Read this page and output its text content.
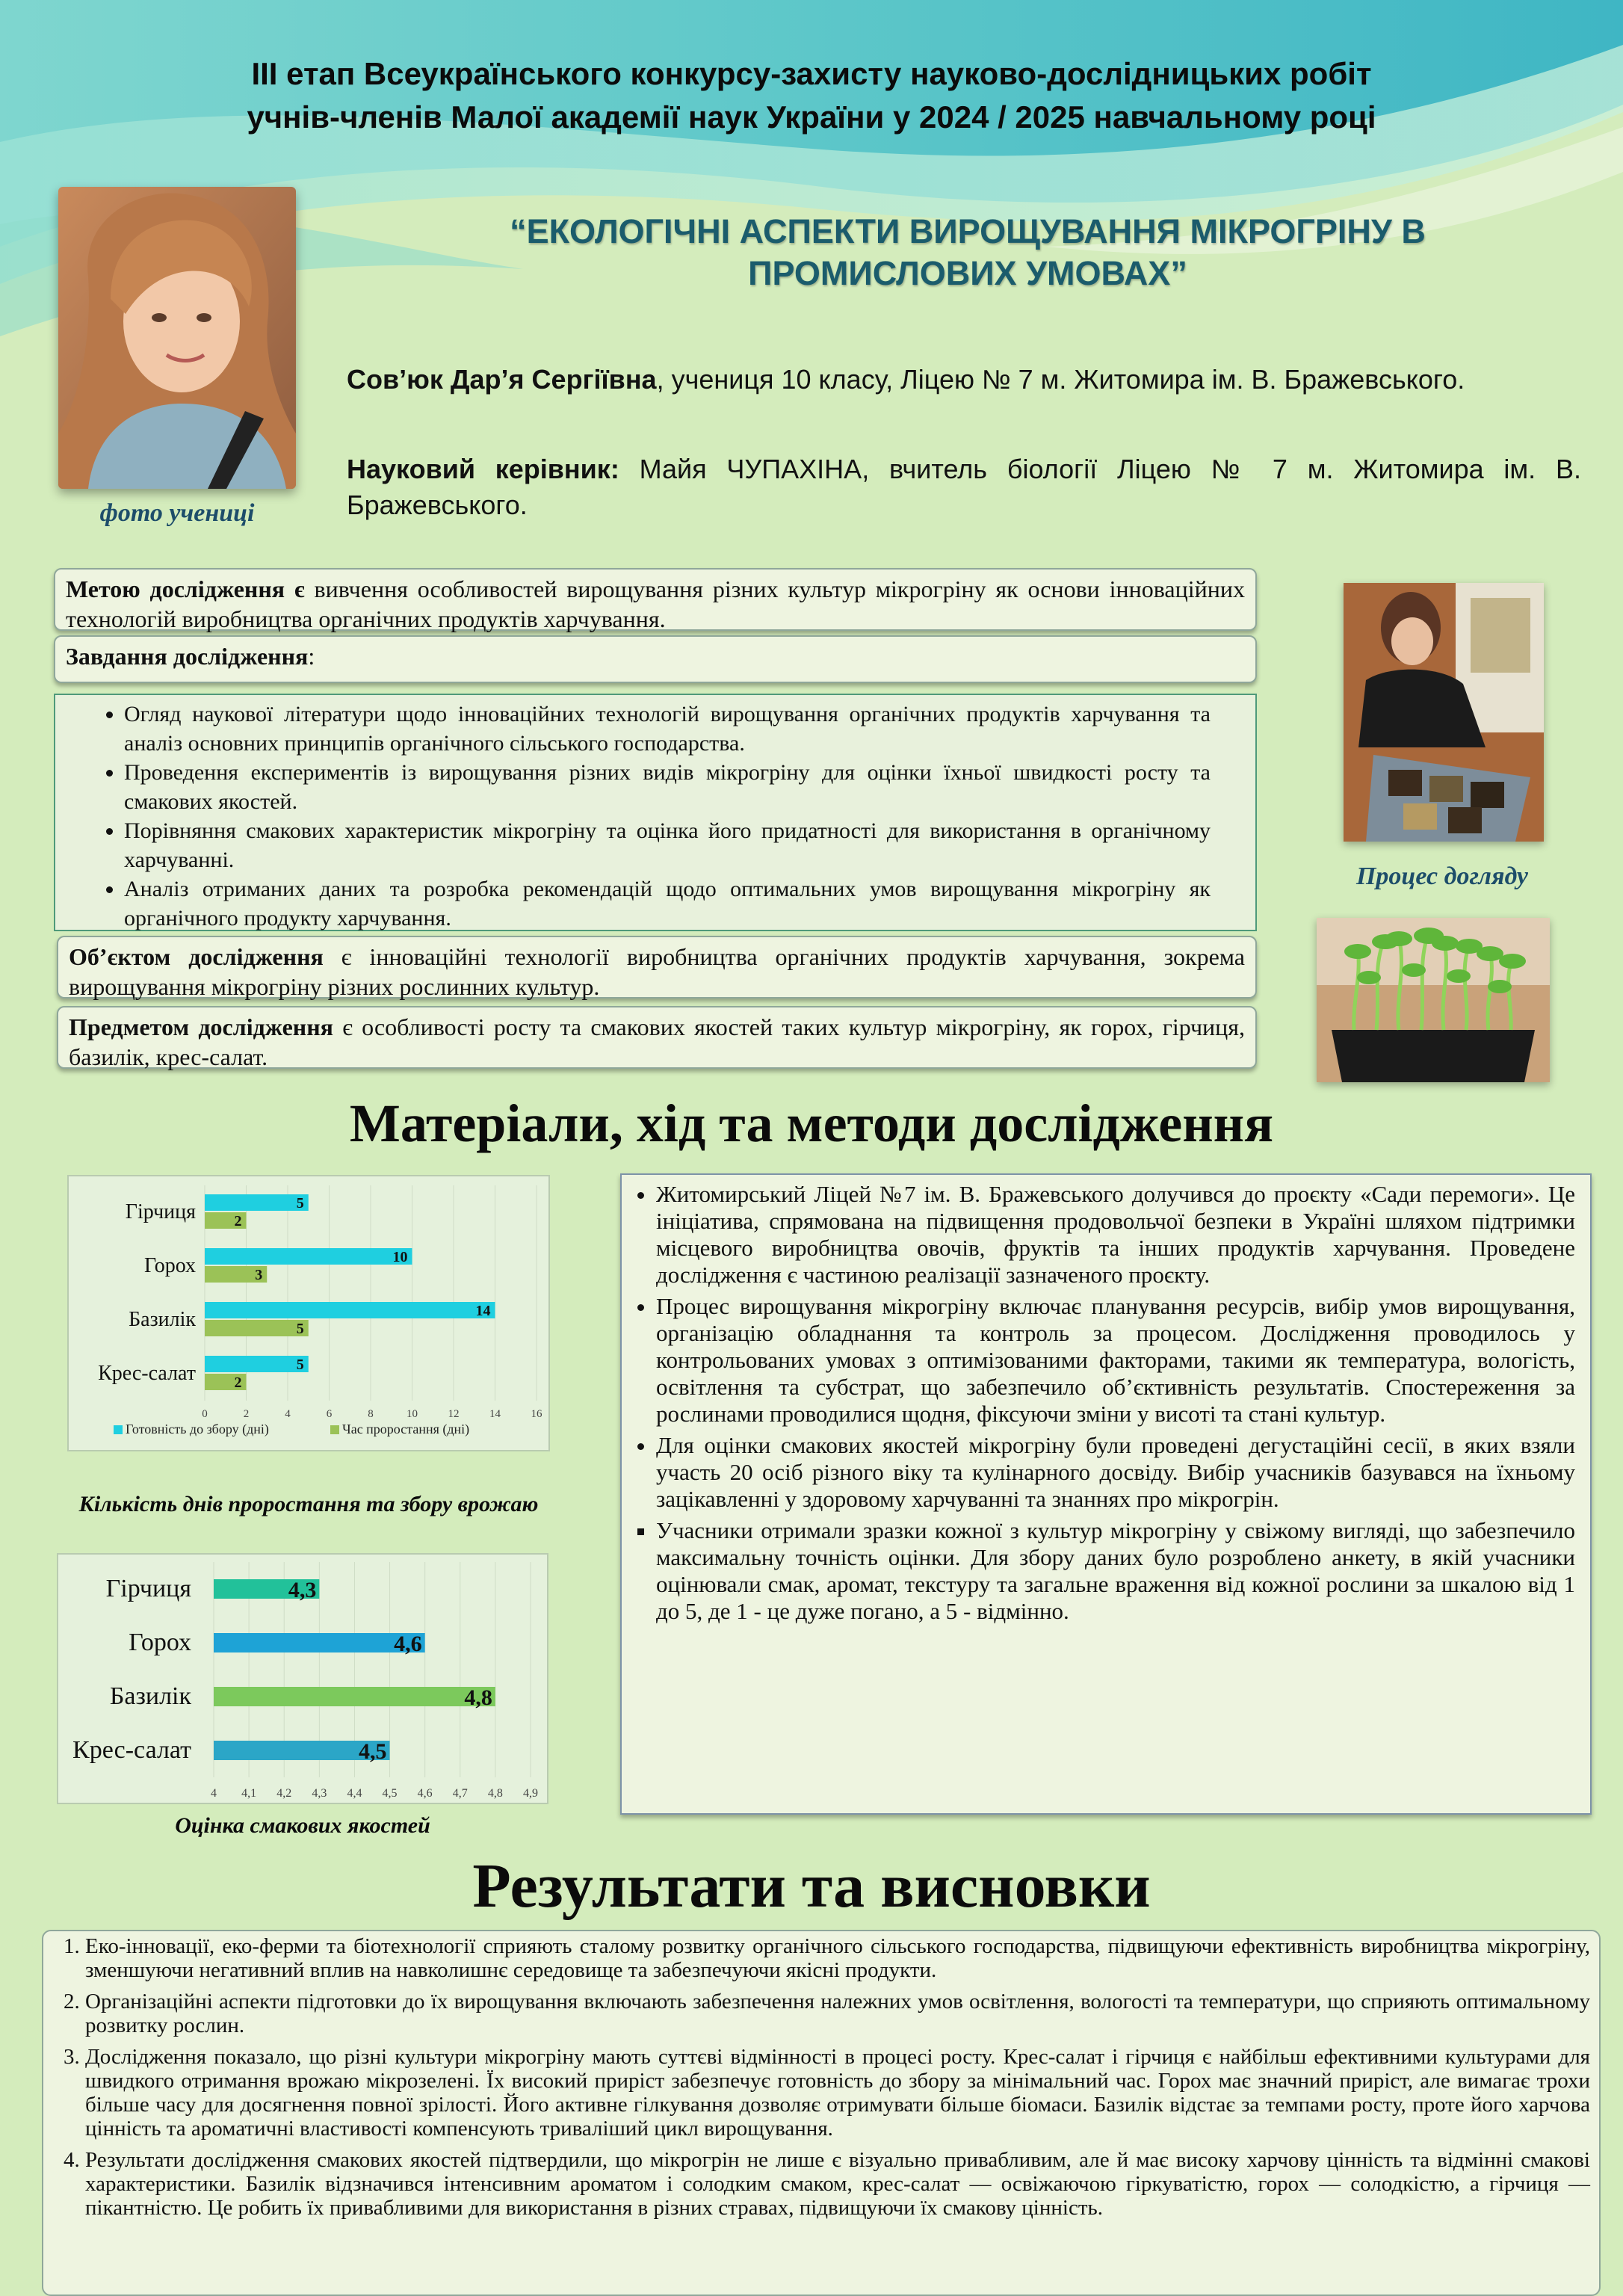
III етап Всеукраїнського конкурсу-захисту науково-дослідницьких робіт
учнів-членів Малої академії наук України у 2024 / 2025 навчальному році
фото учениці
“ЕКОЛОГІЧНІ АСПЕКТИ ВИРОЩУВАННЯ МІКРОГРІНУ В
ПРОМИСЛОВИХ УМОВАХ”

Сов’юк Дар’я Сергіївна, учениця 10 класу, Ліцею № 7 м. Житомира ім. В. Бражевського.

Науковий керівник: Майя ЧУПАХІНА, вчитель біології Ліцею № 7 м. Житомира ім. В. Бражевського.

Метою дослідження є вивчення особливостей вирощування різних культур мікрогріну як основи інноваційних технологій виробництва органічних продуктів харчування.
Завдання дослідження:
• Огляд наукової літератури щодо інноваційних технологій вирощування органічних продуктів харчування та аналіз основних принципів органічного сільського господарства.
• Проведення експериментів із вирощування різних видів мікрогріну для оцінки їхньої швидкості росту та смакових якостей.
• Порівняння смакових характеристик мікрогріну та оцінка його придатності для використання в органічному харчуванні.
• Аналіз отриманих даних та розробка рекомендацій щодо оптимальних умов вирощування мікрогріну як органічного продукту харчування.
Об’єктом дослідження є інноваційні технології виробництва органічних продуктів харчування, зокрема вирощування мікрогріну різних рослинних культур.
Предметом дослідження є особливості росту та смакових якостей таких культур мікрогріну, як горох, гірчиця, базилік, крес-салат.
Процес догляду
Матеріали, хід та методи дослідження
0	2	4	6	8	10	12	14	16
Гірчиця	5
2
Горох	10
3
Базилік	14
5
Крес-салат	5
2
Готовність до збору (дні)	Час проростання (дні)
Кількість днів проростання та збору врожаю
4 4,1 4,2 4,3 4,4 4,5 4,6 4,7 4,8 4,9
Гірчиця	4,3
Горох	4,6
Базилік	4,8
Крес-салат	4,5
Оцінка смакових якостей
• Житомирський Ліцей №7 ім. В. Бражевського долучився до проєкту «Сади перемоги». Це ініціатива, спрямована на підвищення продовольчої безпеки в Україні шляхом підтримки місцевого виробництва овочів, фруктів та інших продуктів харчування. Проведене дослідження є частиною реалізації зазначеного проєкту.
• Процес вирощування мікрогріну включає планування ресурсів, вибір умов вирощування, організацію обладнання та контроль за процесом. Дослідження проводилось у контрольованих умовах з оптимізованими факторами, такими як температура, вологість, освітлення та субстрат, що забезпечило об’єктивність результатів. Спостереження за рослинами проводилися щодня, фіксуючи зміни у висоті та стані культур.
• Для оцінки смакових якостей мікрогріну були проведені дегустаційні сесії, в яких взяли участь 20 осіб різного віку та кулінарного досвіду. Вибір учасників базувався на їхньому зацікавленні у здоровому харчуванні та знаннях про мікрогрін.
▪ Учасники отримали зразки кожної з культур мікрогріну у свіжому вигляді, що забезпечило максимальну точність оцінки. Для збору даних було розроблено анкету, в якій учасники оцінювали смак, аромат, текстуру та загальне враження від кожної рослини за шкалою від 1 до 5, де 1 - це дуже погано, а 5 - відмінно.
Результати та висновки
1. Еко-інновації, еко-ферми та біотехнології сприяють сталому розвитку органічного сільського господарства, підвищуючи ефективність виробництва мікрогріну, зменшуючи негативний вплив на навколишнє середовище та забезпечуючи якісні продукти.
2. Організаційні аспекти підготовки до їх вирощування включають забезпечення належних умов освітлення, вологості та температури, що сприяють оптимальному розвитку рослин.
3. Дослідження показало, що різні культури мікрогріну мають суттєві відмінності в процесі росту. Крес-салат і гірчиця є найбільш ефективними культурами для швидкого отримання врожаю мікрозелені. Їх високий приріст забезпечує готовність до збору за мінімальний час. Горох має значний приріст, але вимагає трохи більше часу для досягнення повної зрілості. Його активне гілкування дозволяє отримувати більше біомаси. Базилік відстає за темпами росту, проте його харчова цінність та ароматичні властивості компенсують триваліший цикл вирощування.
4. Результати дослідження смакових якостей підтвердили, що мікрогрін не лише є візуально привабливим, але й має високу харчову цінність та відмінні смакові характеристики. Базилік відзначився інтенсивним ароматом і солодким смаком, крес-салат — освіжаючою гіркуватістю, горох — солодкістю, а гірчиця — пікантністю. Це робить їх привабливими для використання в різних стравах, підвищуючи їх смакову цінність.
